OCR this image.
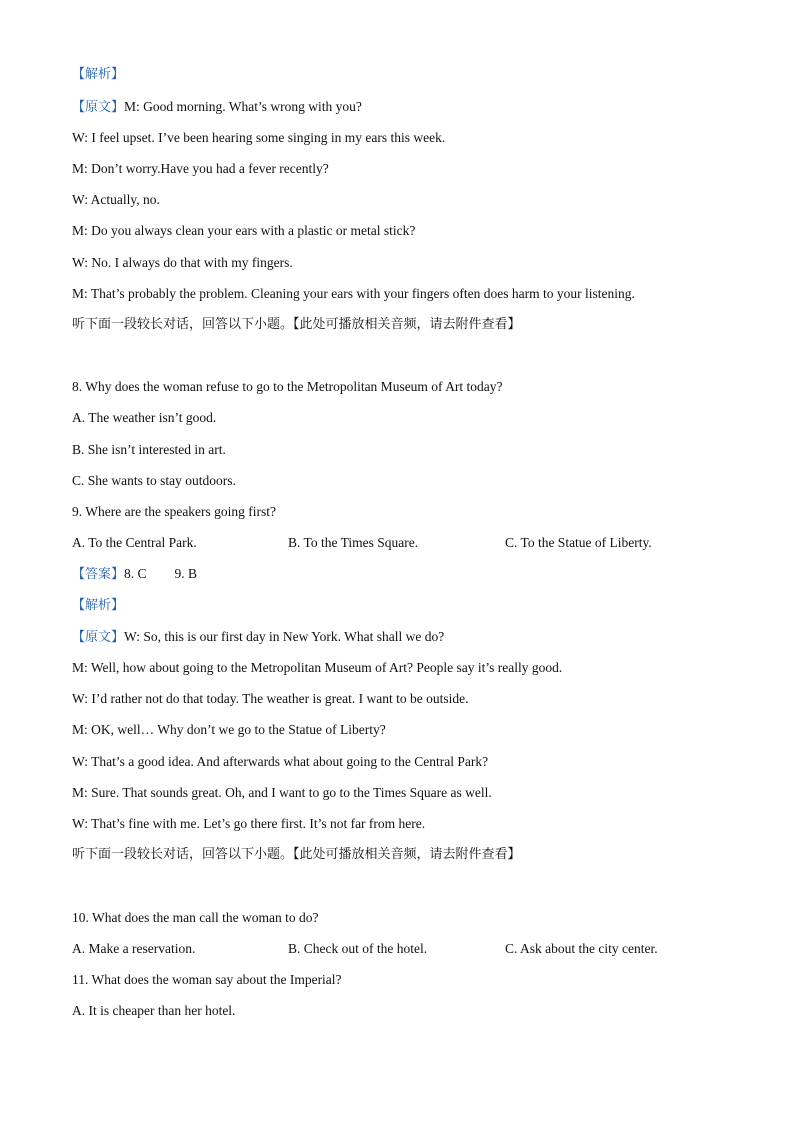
【解析】
【原文】M: Good morning. What’s wrong with you?
W: I feel upset. I’ve been hearing some singing in my ears this week.
M: Don’t worry.Have you had a fever recently?
W: Actually, no.
M: Do you always clean your ears with a plastic or metal stick?
W: No. I always do that with my fingers.
M: That’s probably the problem. Cleaning your ears with your fingers often does harm to your listening.
听下面一段较长对话，回答以下小题。【此处可播放相关音频，请去附件查看】
8. Why does the woman refuse to go to the Metropolitan Museum of Art today?
A. The weather isn’t good.
B. She isn’t interested in art.
C. She wants to stay outdoors.
9. Where are the speakers going first?
A. To the Central Park.	B. To the Times Square.	C. To the Statue of Liberty.
【答案】8. C 9. B
【解析】
【原文】W: So, this is our first day in New York. What shall we do?
M: Well, how about going to the Metropolitan Museum of Art? People say it’s really good.
W: I’d rather not do that today. The weather is great. I want to be outside.
M: OK, well… Why don’t we go to the Statue of Liberty?
W: That’s a good idea. And afterwards what about going to the Central Park?
M: Sure. That sounds great. Oh, and I want to go to the Times Square as well.
W: That’s fine with me. Let’s go there first. It’s not far from here.
听下面一段较长对话，回答以下小题。【此处可播放相关音频，请去附件查看】
10. What does the man call the woman to do?
A. Make a reservation.	B. Check out of the hotel.	C. Ask about the city center.
11. What does the woman say about the Imperial?
A. It is cheaper than her hotel.
